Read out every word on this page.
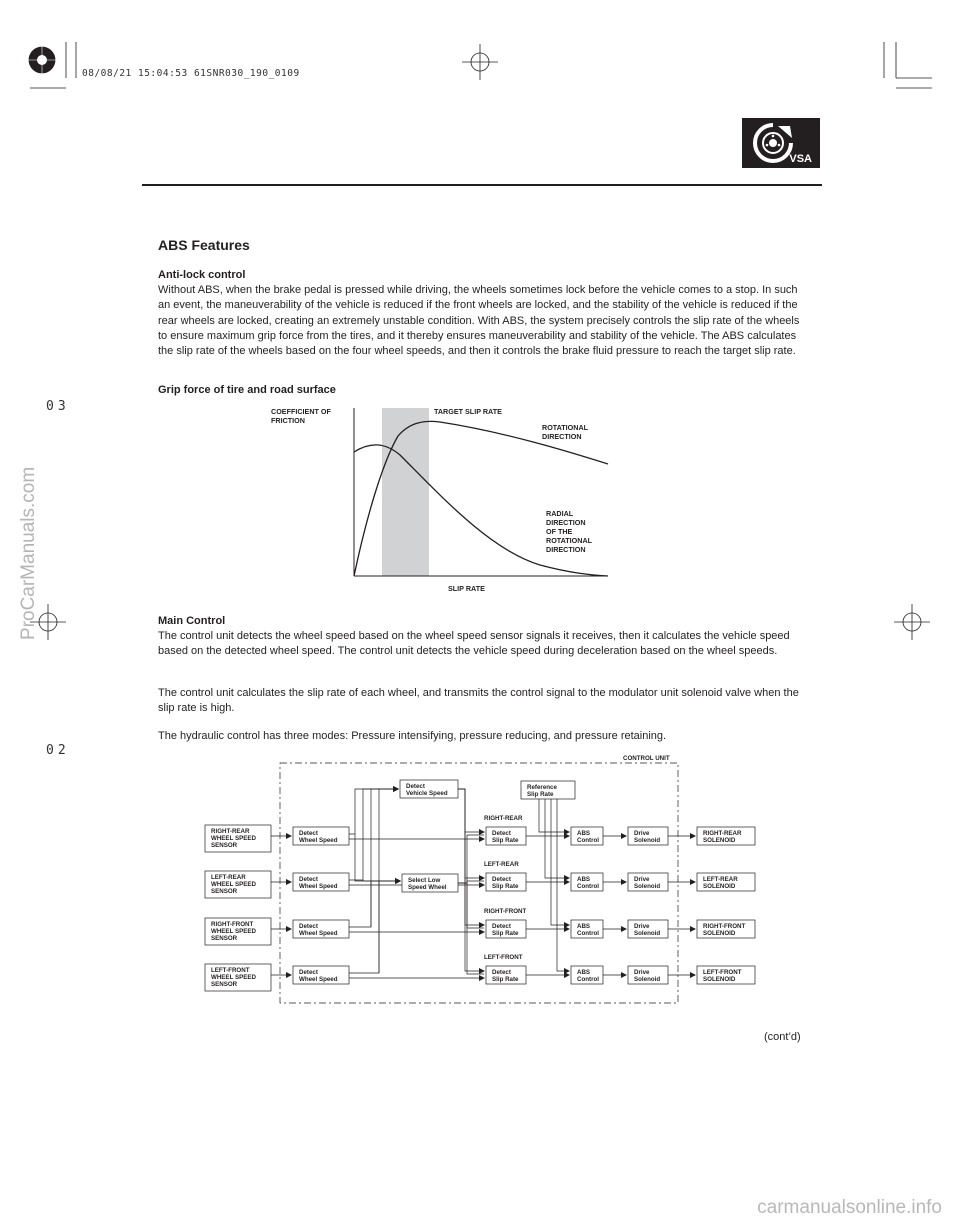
08/08/21 15:04:53 61SNR030_190_0109
03
02
ProCarManuals.com
carmanualsonline.info
VSA
ABS Features
Anti-lock control

Without ABS, when the brake pedal is pressed while driving, the wheels sometimes lock before the vehicle comes to a stop. In such an event, the maneuverability of the vehicle is reduced if the front wheels are locked, and the stability of the vehicle is reduced if the rear wheels are locked, creating an extremely unstable condition. With ABS, the system precisely controls the slip rate of the wheels to ensure maximum grip force from the tires, and it thereby ensures maneuverability and stability of the vehicle. The ABS calculates the slip rate of the wheels based on the four wheel speeds, and then it controls the brake fluid pressure to reach the target slip rate.

Grip force of tire and road surface
COEFFICIENT OF
FRICTION
TARGET SLIP RATE
ROTATIONAL
DIRECTION
RADIAL
DIRECTION
OF THE
ROTATIONAL
DIRECTION
SLIP RATE
Main Control

The control unit detects the wheel speed based on the wheel speed sensor signals it receives, then it calculates the vehicle speed based on the detected wheel speed. The control unit detects the vehicle speed during deceleration based on the wheel speeds.

The control unit calculates the slip rate of each wheel, and transmits the control signal to the modulator unit solenoid valve when the slip rate is high.

The hydraulic control has three modes: Pressure intensifying, pressure reducing, and pressure retaining.

CONTROL UNIT
Detect
Vehicle Speed
Select Low
Speed Wheel
Reference
Slip Rate
RIGHT-REAR
WHEEL SPEED
SENSOR
Detect
Wheel Speed
Detect
Slip Rate
ABS
Control
Drive
Solenoid
RIGHT-REAR
SOLENOID
RIGHT-REAR
LEFT-REAR
WHEEL SPEED
SENSOR
Detect
Wheel Speed
Detect
Slip Rate
ABS
Control
Drive
Solenoid
LEFT-REAR
SOLENOID
LEFT-REAR
RIGHT-FRONT
WHEEL SPEED
SENSOR
Detect
Wheel Speed
Detect
Slip Rate
ABS
Control
Drive
Solenoid
RIGHT-FRONT
SOLENOID
RIGHT-FRONT
LEFT-FRONT
WHEEL SPEED
SENSOR
Detect
Wheel Speed
Detect
Slip Rate
ABS
Control
Drive
Solenoid
LEFT-FRONT
SOLENOID
LEFT-FRONT
(cont’d)
